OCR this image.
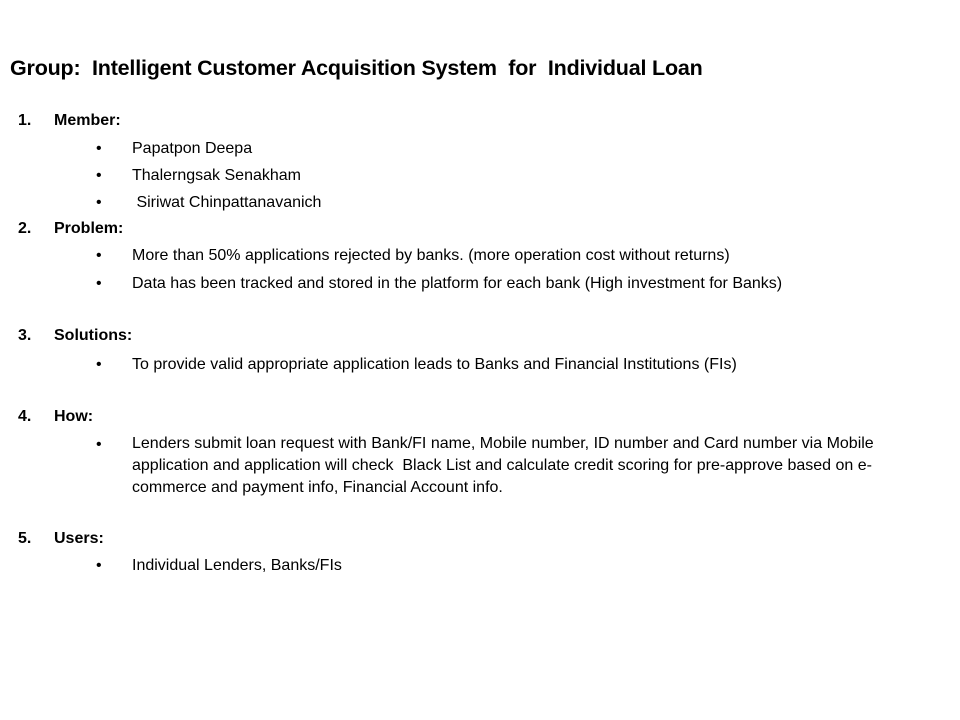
Group:  Intelligent Customer Acquisition System  for  Individual Loan
1. Member:
• Papatpon Deepa
• Thalerngsak Senakham
• Siriwat Chinpattanavanich
2. Problem:
• More than 50% applications rejected by banks. (more operation cost without returns)
• Data has been tracked and stored in the platform for each bank (High investment for Banks)
3. Solutions:
• To provide valid appropriate application leads to Banks and Financial Institutions (FIs)
4. How:
• Lenders submit loan request with Bank/FI name, Mobile number, ID number and Card number via Mobile application and application will check  Black List and calculate credit scoring for pre-approve based on e-commerce and payment info, Financial Account info.
5. Users:
• Individual Lenders, Banks/FIs
